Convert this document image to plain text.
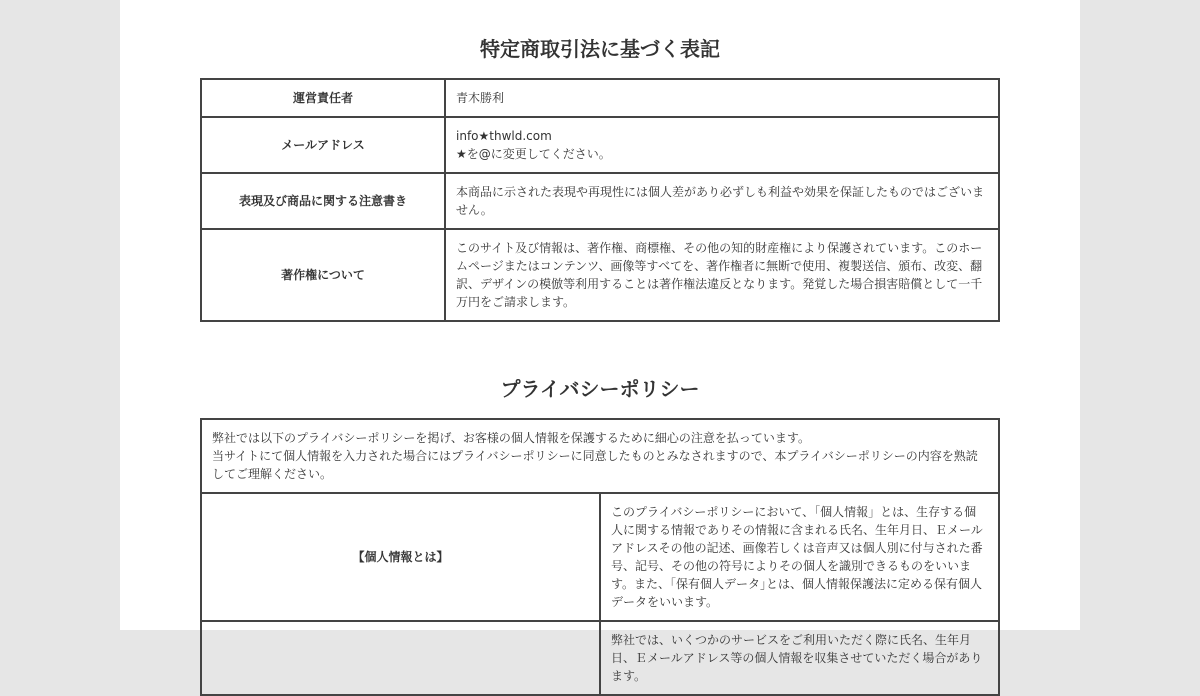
特定商取引法に基づく表記
運営責任者	青木勝利

メールアドレス	info★thwld.com
★を@に変更してください。

表現及び商品に関する注意書き	本商品に示された表現や再現性には個人差があり必ずしも利益や効果を保証したものではございません。

著作権について	このサイト及び情報は、著作権、商標権、その他の知的財産権により保護されています。このホームページまたはコンテンツ、画像等すべてを、著作権者に無断で使用、複製送信、頒布、改変、翻訳、デザインの模倣等利用することは著作権法違反となります。発覚した場合損害賠償として一千万円をご請求します。
プライバシーポリシー
弊社では以下のプライバシーポリシーを掲げ、お客様の個人情報を保護するために細心の注意を払っています。
当サイトにて個人情報を入力された場合にはプライバシーポリシーに同意したものとみなされますので、本プライバシーポリシーの内容を熟読してご理解ください。	

【個人情報とは】	このプライバシーポリシーにおいて、「個人情報」とは、生存する個人に関する情報でありその情報に含まれる氏名、生年月日、Ｅメールアドレスその他の記述、画像若しくは音声又は個人別に付与された番号、記号、その他の符号によりその個人を識別できるものをいいます。また、｢保有個人データ｣とは、個人情報保護法に定める保有個人データをいいます。

	弊社では、いくつかのサービスをご利用いただく際に氏名、生年月日、Ｅメールアドレス等の個人情報を収集させていただく場合があります。
